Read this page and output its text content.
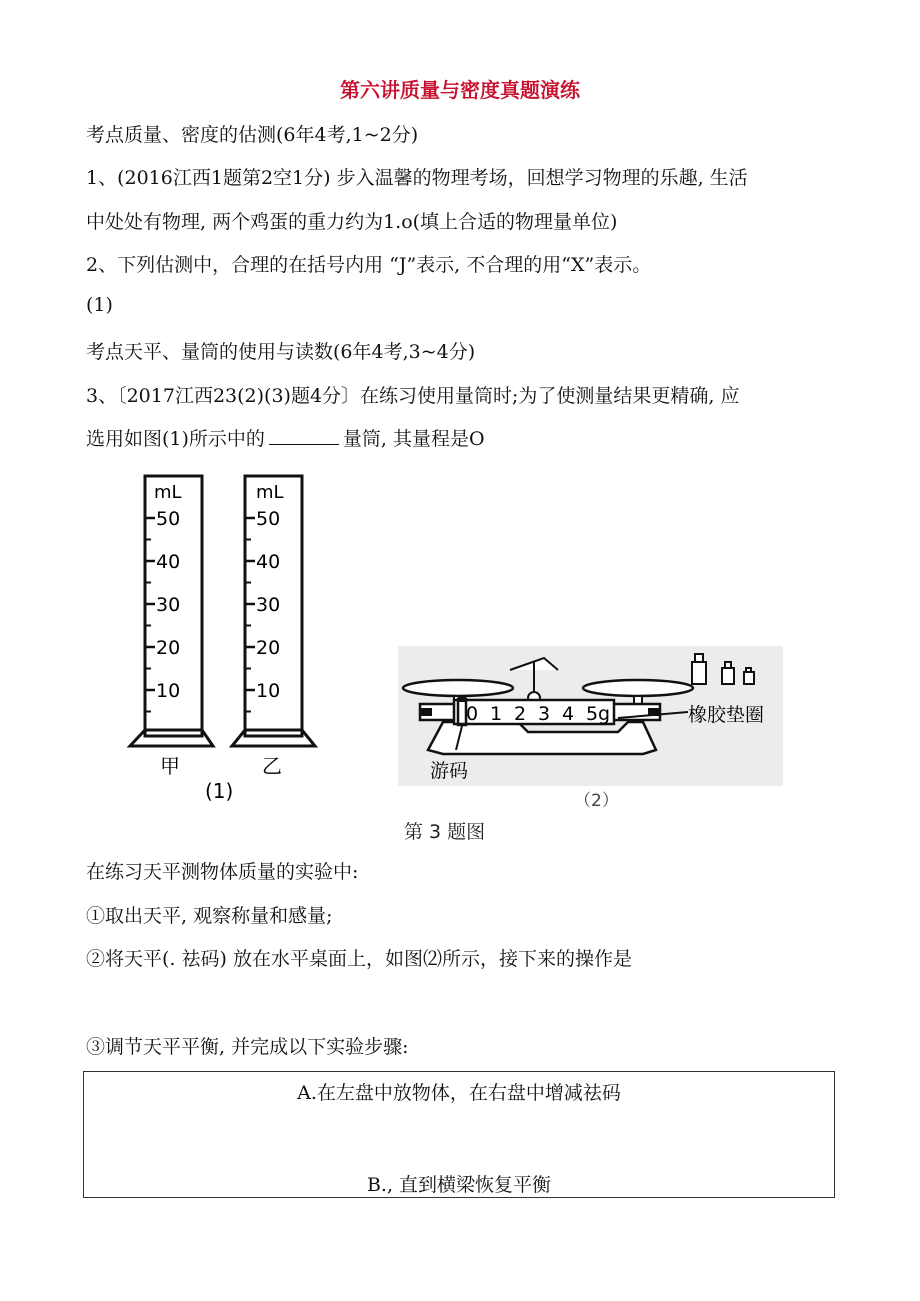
第六讲质量与密度真题演练
考点质量、密度的估测(6年4考,1~2分)
1、(2016江西1题第2空1分) 步入温馨的物理考场，回想学习物理的乐趣, 生活
中处处有物理, 两个鸡蛋的重力约为1.o(填上合适的物理量单位)
2、下列估测中，合理的在括号内用 “J”表示, 不合理的用“X”表示。
(1)
考点天平、量筒的使用与读数(6年4考,3~4分)
3、〔2017江西23(2)(3)题4分〕在练习使用量筒时;为了使测量结果更精确, 应
选用如图(1)所示中的	量筒, 其量程是O
mL
50
40
30
20
10
mL
50
40
30
20
10
甲	乙
(1)
0 1 2 3 4 5 g	橡胶垫圈
游码
（2）
第 3 题图
在练习天平测物体质量的实验中:
①取出天平, 观察称量和感量;
②将天平(. 祛码) 放在水平桌面上，如图⑵所示，接下来的操作是
③调节天平平衡, 并完成以下实验步骤:
A.在左盘中放物体，在右盘中增减祛码
B., 直到横梁恢复平衡
